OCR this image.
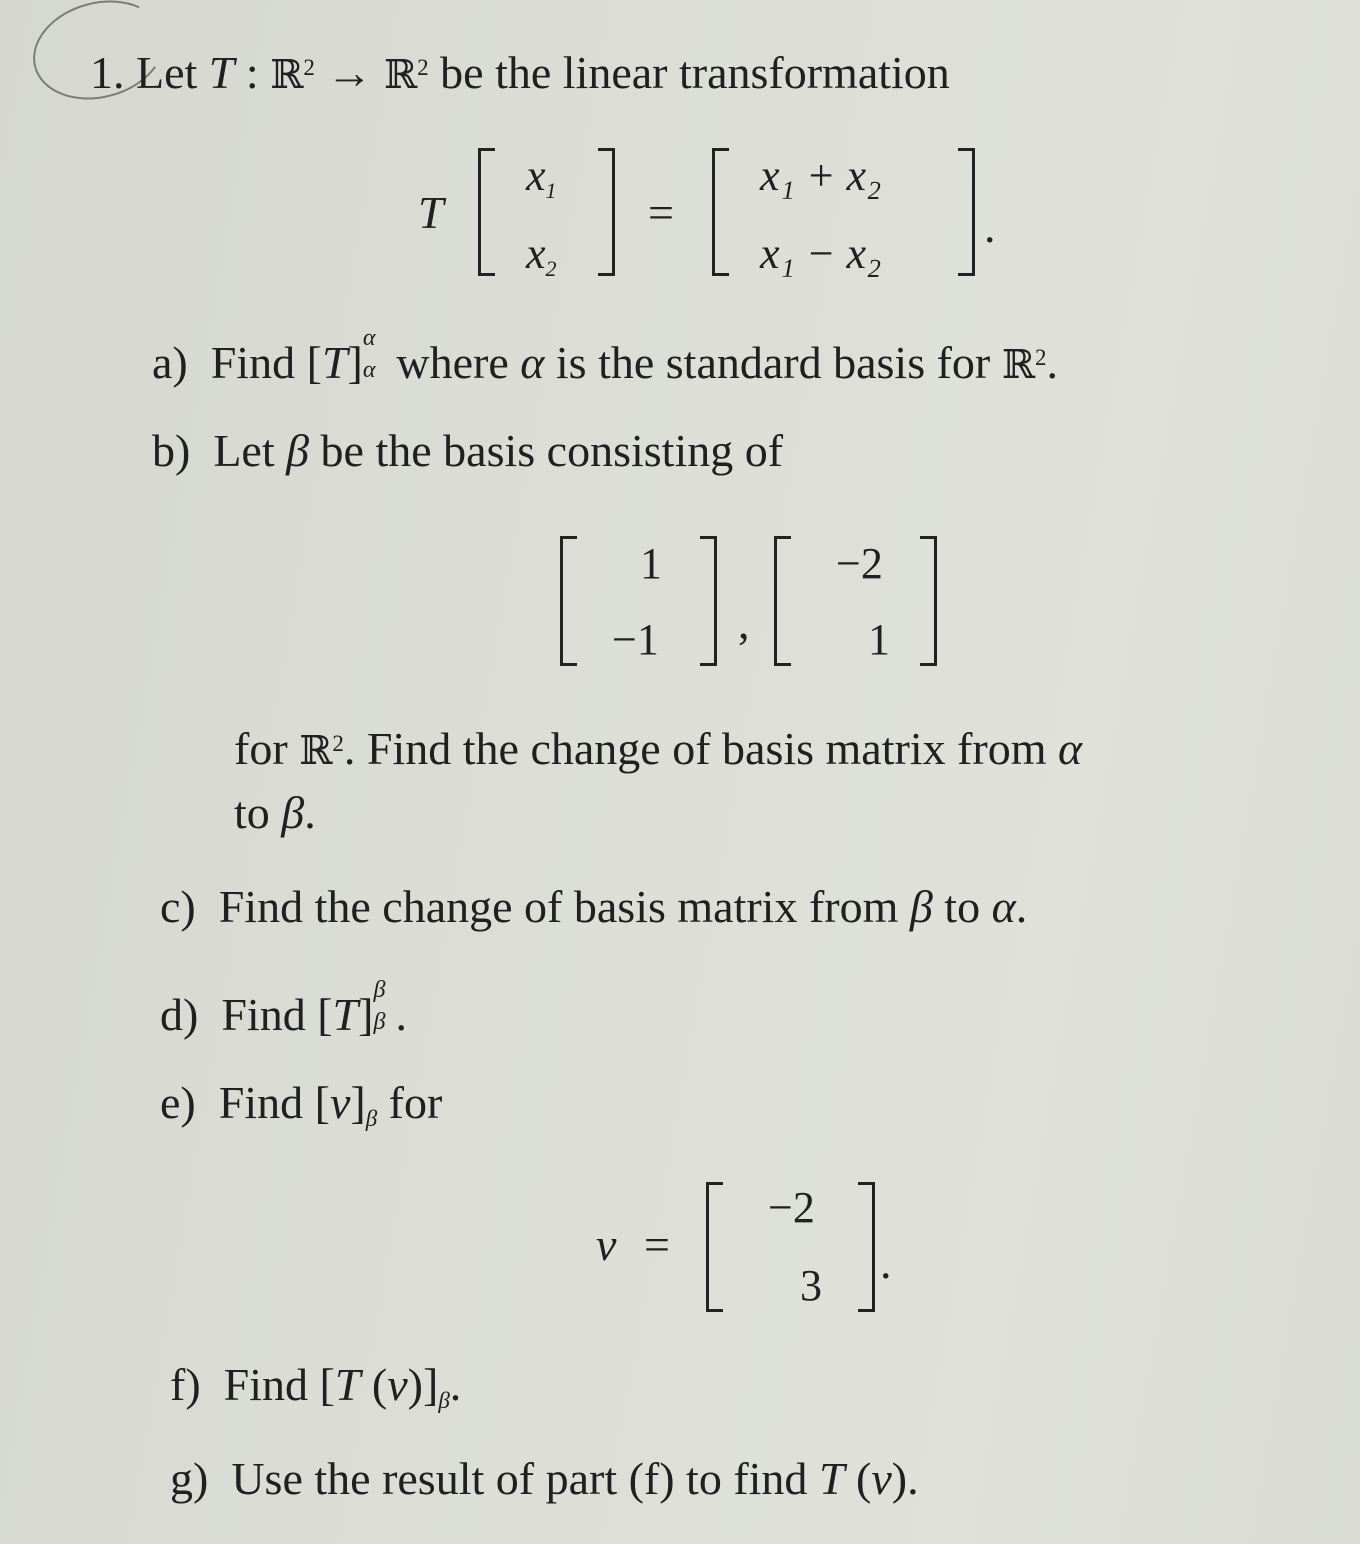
1. Let T : ℝ$^2$ → ℝ$^2$ be the linear transformation
T
x1
x2
=
x₁ + x₂
x₁ − x₂
.
a) Find [T] α
α where α is the standard basis for ℝ$^2$.
b) Let β be the basis consisting of
1
−1 ,
−2
1
for ℝ$^2$. Find the change of basis matrix from α
to β.
c) Find the change of basis matrix from β to α.
d) Find [T] β
β .
e) Find [v]β for
v =
−2
3 .
f) Find [T (v)]β.
g) Use the result of part (f) to find T (v).
